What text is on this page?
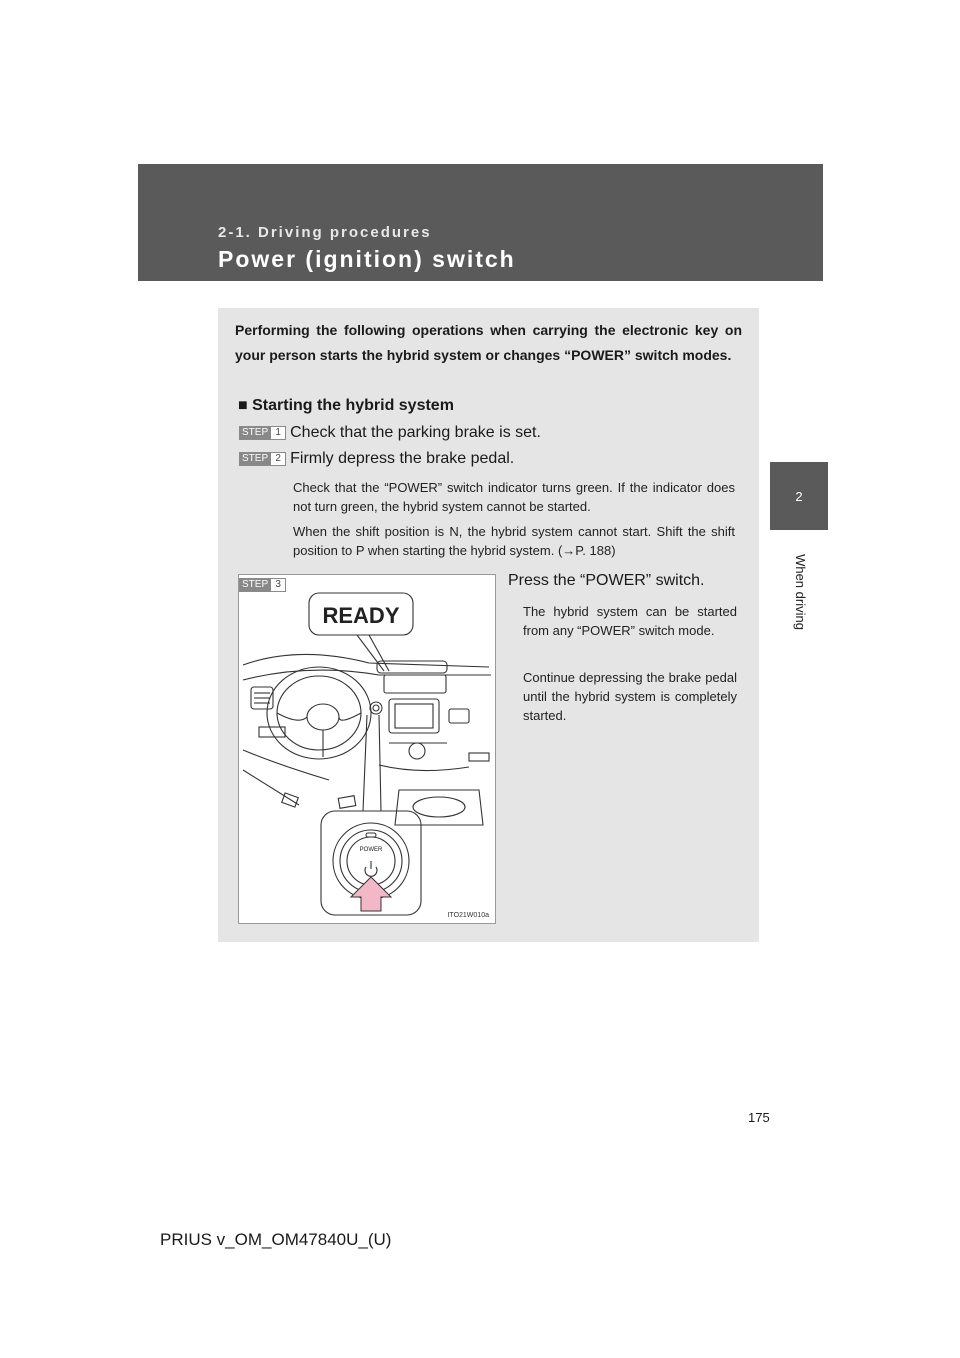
2-1. Driving procedures
Power (ignition) switch
2
When driving
Performing the following operations when carrying the electronic key on your person starts the hybrid system or changes “POWER” switch modes.
■ Starting the hybrid system
STEP 1 Check that the parking brake is set.
STEP 2 Firmly depress the brake pedal.
Check that the “POWER” switch indicator turns green. If the indicator does not turn green, the hybrid system cannot be started.
When the shift position is N, the hybrid system cannot start. Shift the shift position to P when starting the hybrid system. (→P. 188)
READY
POWER
ITO21W010a
STEP 3	Press the “POWER” switch.
The hybrid system can be started from any “POWER” switch mode.
Continue depressing the brake pedal until the hybrid system is completely started.
175
PRIUS v_OM_OM47840U_(U)
